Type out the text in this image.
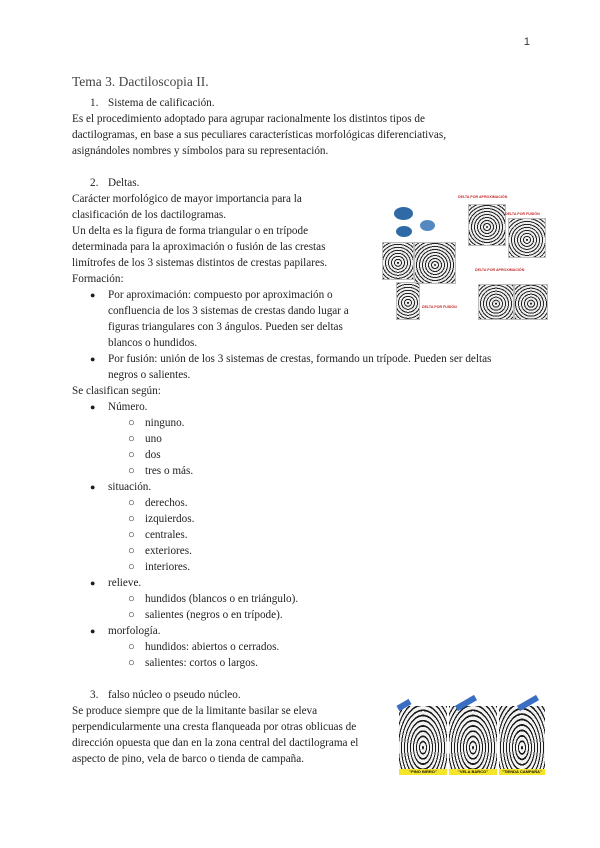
1
Tema 3. Dactiloscopia II.
1. Sistema de calificación.
Es el procedimiento adoptado para agrupar racionalmente los distintos tipos de
dactilogramas, en base a sus peculiares características morfológicas diferenciativas,
asignándoles nombres y símbolos para su representación.
2. Deltas.
Carácter morfológico de mayor importancia para la
clasificación de los dactilogramas.
Un delta es la figura de forma triangular o en trípode
determinada para la aproximación o fusión de las crestas
limítrofes de los 3 sistemas distintos de crestas papilares.
Formación:
● Por aproximación: compuesto por aproximación o
confluencia de los 3 sistemas de crestas dando lugar a
figuras triangulares con 3 ángulos. Pueden ser deltas
blancos o hundidos.
● Por fusión: unión de los 3 sistemas de crestas, formando un trípode. Pueden ser deltas
negros o salientes.
Se clasifican según:
● Número.
○ ninguno.
○ uno
○ dos
○ tres o más.
● situación.
○ derechos.
○ izquierdos.
○ centrales.
○ exteriores.
○ interiores.
● relieve.
○ hundidos (blancos o en triángulo).
○ salientes (negros o en trípode).
● morfología.
○ hundidos: abiertos o cerrados.
○ salientes: cortos o largos.
3. falso núcleo o pseudo núcleo.
Se produce siempre que de la limitante basilar se eleva
perpendicularmente una cresta flanqueada por otras oblicuas de
dirección opuesta que dan en la zona central del dactilograma el
aspecto de pino, vela de barco o tienda de campaña.
DELTA POR APROXIMACIÓN
DELTA POR FUSIÓN
DELTA POR APROXIMACIÓN
DELTA POR FUSIÓN
"PINO BIRRO"	"VELA BARCO"	"TIENDA CAMPAÑA"
